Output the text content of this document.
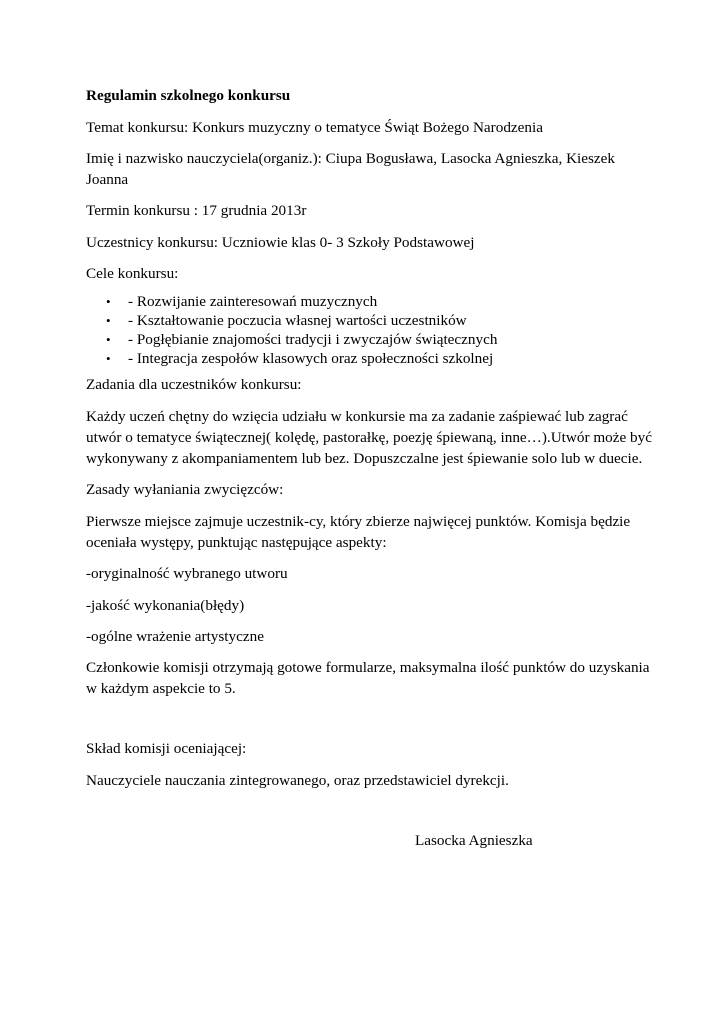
Regulamin szkolnego konkursu
Temat konkursu: Konkurs muzyczny o tematyce Świąt Bożego Narodzenia
Imię i nazwisko nauczyciela(organiz.): Ciupa Bogusława, Lasocka Agnieszka, Kieszek
Joanna
Termin konkursu : 17 grudnia 2013r
Uczestnicy konkursu: Uczniowie klas 0- 3 Szkoły Podstawowej
Cele konkursu:
• - Rozwijanie zainteresowań muzycznych
• - Kształtowanie poczucia własnej wartości uczestników
• - Pogłębianie znajomości tradycji i zwyczajów świątecznych
• - Integracja zespołów klasowych oraz społeczności szkolnej
Zadania dla uczestników konkursu:
Każdy uczeń chętny do wzięcia udziału w konkursie ma za zadanie zaśpiewać lub zagrać
utwór o tematyce świątecznej( kolędę, pastorałkę, poezję śpiewaną, inne…).Utwór może być
wykonywany z akompaniamentem lub bez. Dopuszczalne jest śpiewanie solo lub w duecie.
Zasady wyłaniania zwycięzców:
Pierwsze miejsce zajmuje uczestnik-cy, który zbierze najwięcej punktów. Komisja będzie
oceniała występy, punktując następujące aspekty:
-oryginalność wybranego utworu
-jakość wykonania(błędy)
-ogólne wrażenie artystyczne
Członkowie komisji otrzymają gotowe formularze, maksymalna ilość punktów do uzyskania
w każdym aspekcie to 5.
Skład komisji oceniającej:
Nauczyciele nauczania zintegrowanego, oraz przedstawiciel dyrekcji.
Lasocka Agnieszka
